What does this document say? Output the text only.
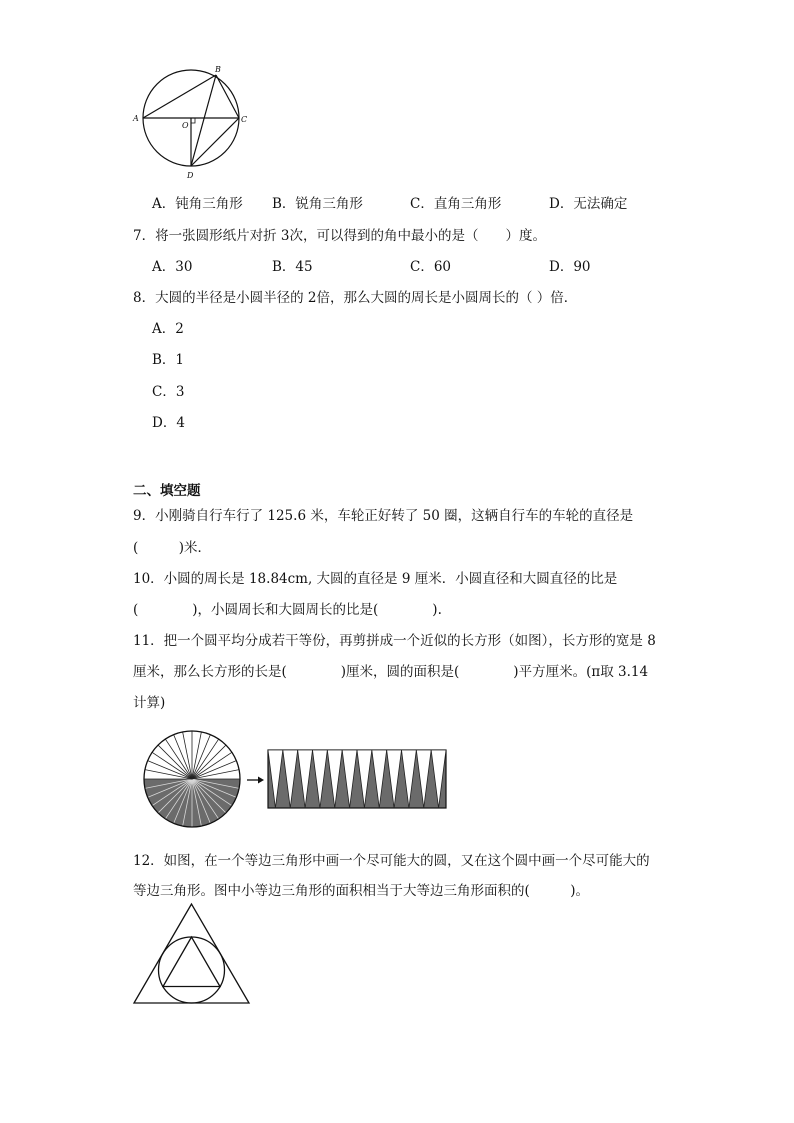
A
B
C
D
O
A．钝角三角形 B．锐角三角形	C．直角三角形	D．无法确定
7．将一张圆形纸片对折 3次，可以得到的角中最小的是（　　）度。
A．30	B．45	C．60	D．90
8．大圆的半径是小圆半径的 2倍，那么大圆的周长是小圆周长的（ ）倍．
A．2
B．1
C．3
D．4
二、填空题
9．小刚骑自行车行了 125.6 米，车轮正好转了 50 圈，这辆自行车的车轮的直径是
(　　　)米．
10．小圆的周长是 18.84cm, 大圆的直径是 9 厘米．小圆直径和大圆直径的比是
(　　　　)，小圆周长和大圆周长的比是(　　　　).
11．把一个圆平均分成若干等份，再剪拼成一个近似的长方形（如图），长方形的宽是 8
厘米，那么长方形的长是(　　　　)厘米，圆的面积是(　　　　)平方厘米。(π取 3.14
计算)
12．如图，在一个等边三角形中画一个尽可能大的圆，又在这个圆中画一个尽可能大的
等边三角形。图中小等边三角形的面积相当于大等边三角形面积的(　　　)。
